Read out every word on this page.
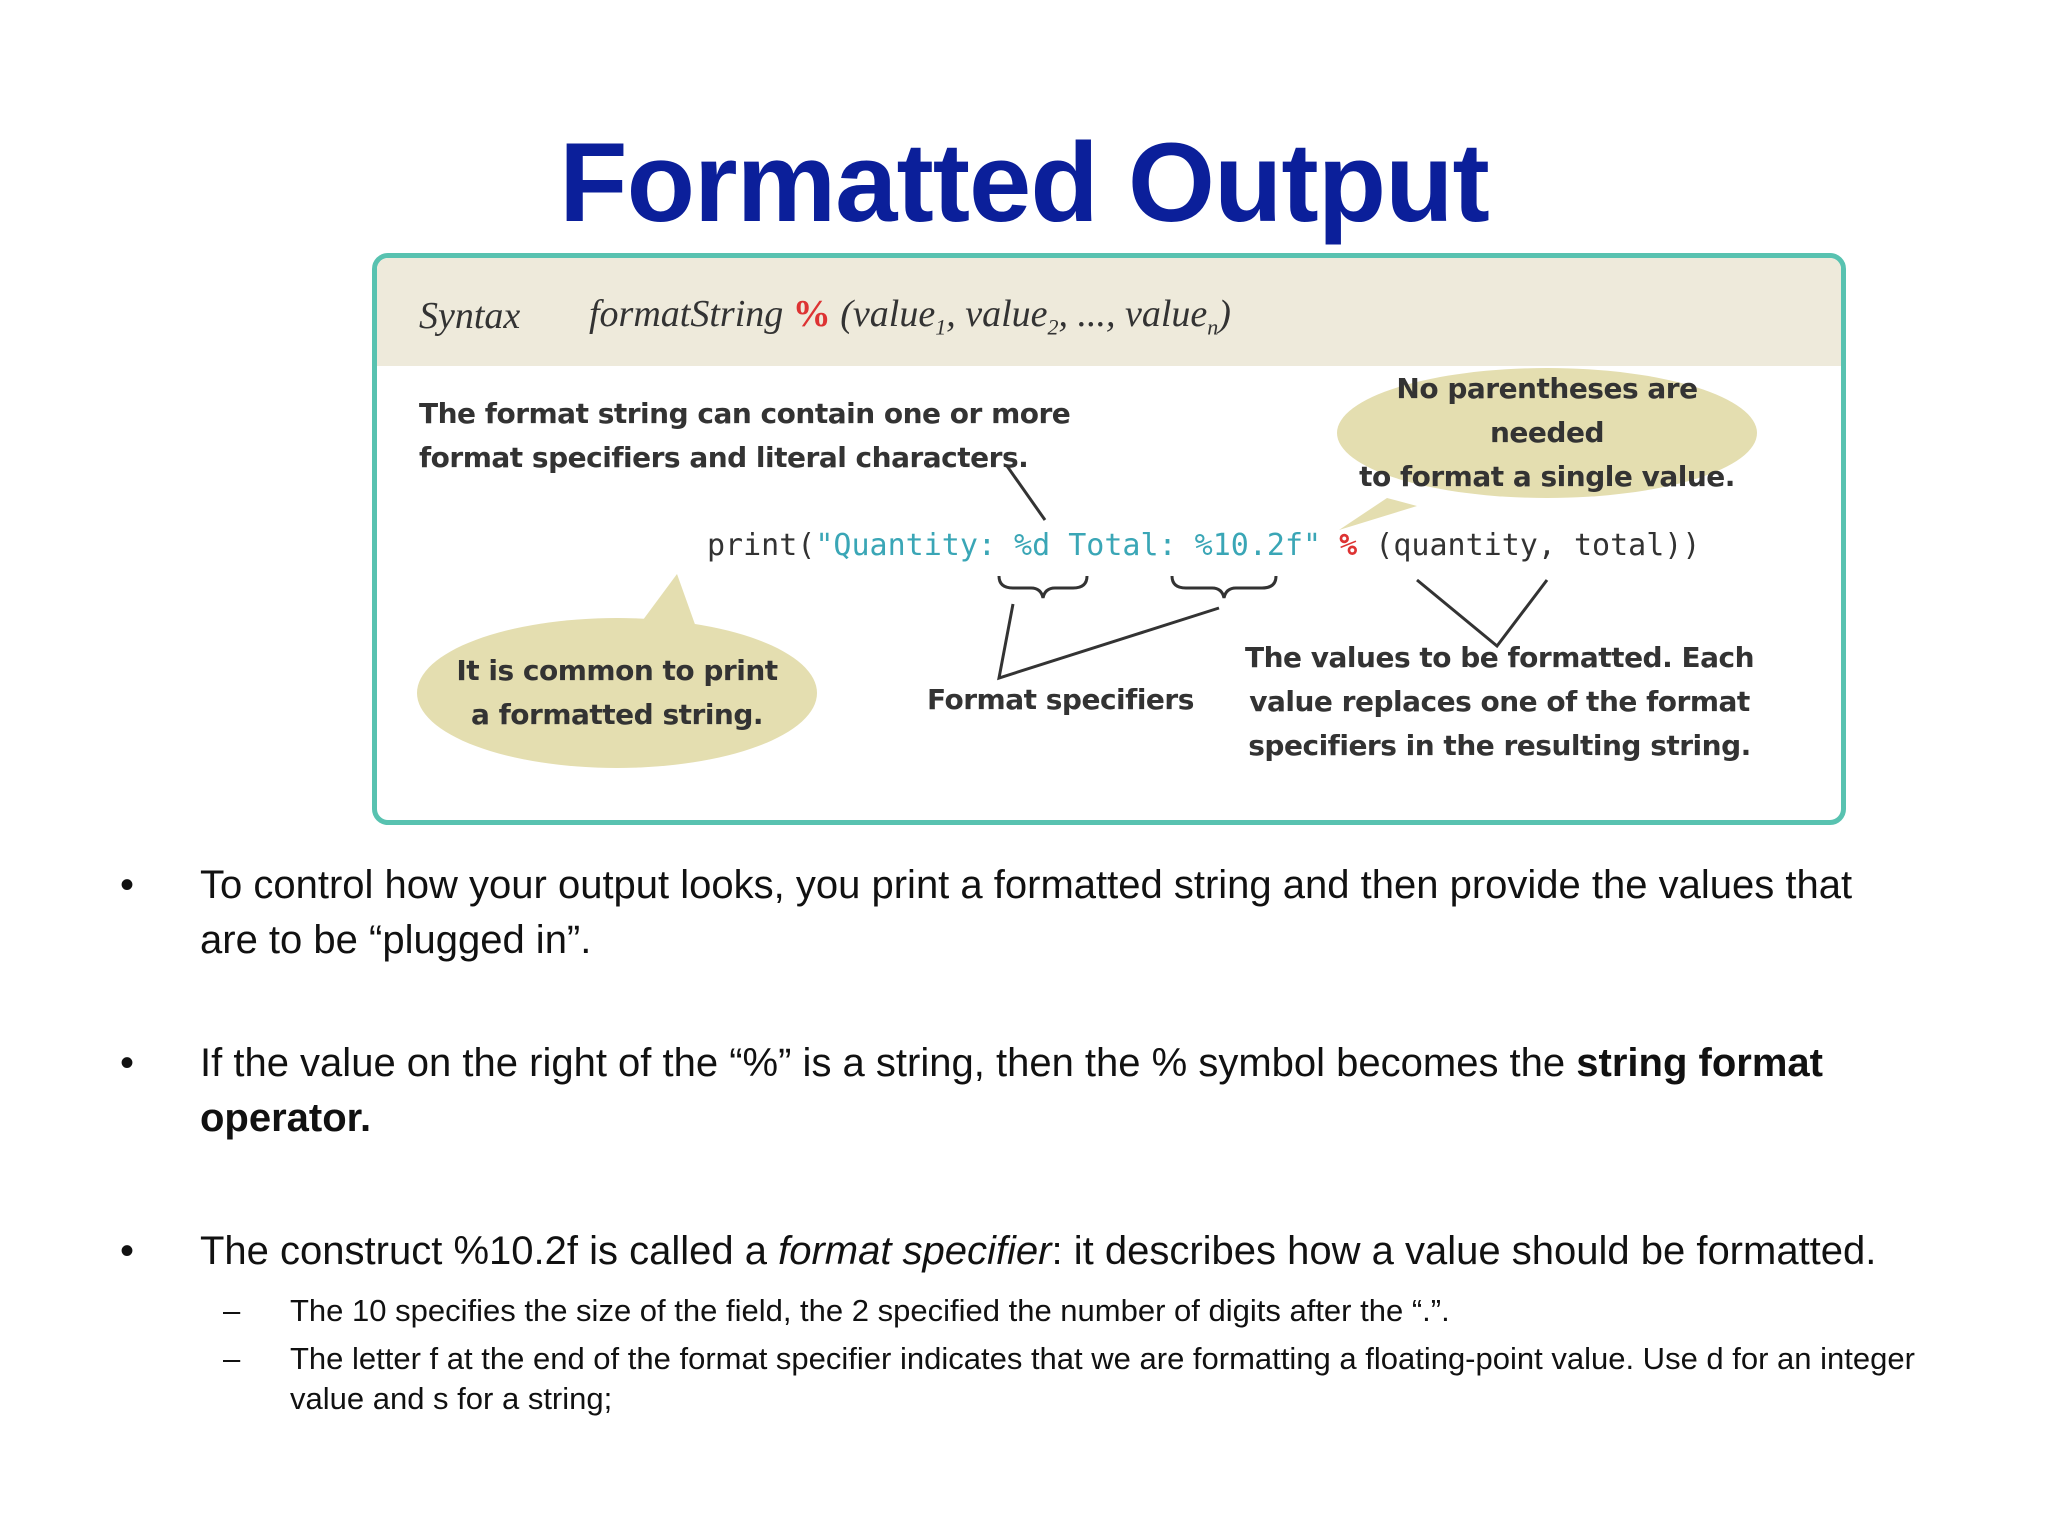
Formatted Output
Syntax formatString % (value$_1$, value$_2$, ..., value$_n$)
The format string can contain one or more
format specifiers and literal characters.
No parentheses are needed
to format a single value.
print("Quantity: %d Total: %10.2f" % (quantity, total))
It is common to print
a formatted string.	Format specifiers
The values to be formatted. Each
value replaces one of the format
specifiers in the resulting string.
• To control how your output looks, you print a formatted string and then provide the values that are to be “plugged in”.
• If the value on the right of the “%” is a string, then the % symbol becomes the string format operator.
• The construct %10.2f is called a format specifier: it describes how a value should be formatted.
– The 10 specifies the size of the field, the 2 specified the number of digits after the “.”.
– The letter f at the end of the format specifier indicates that we are formatting a floating-point value. Use d for an integer value and s for a string;
